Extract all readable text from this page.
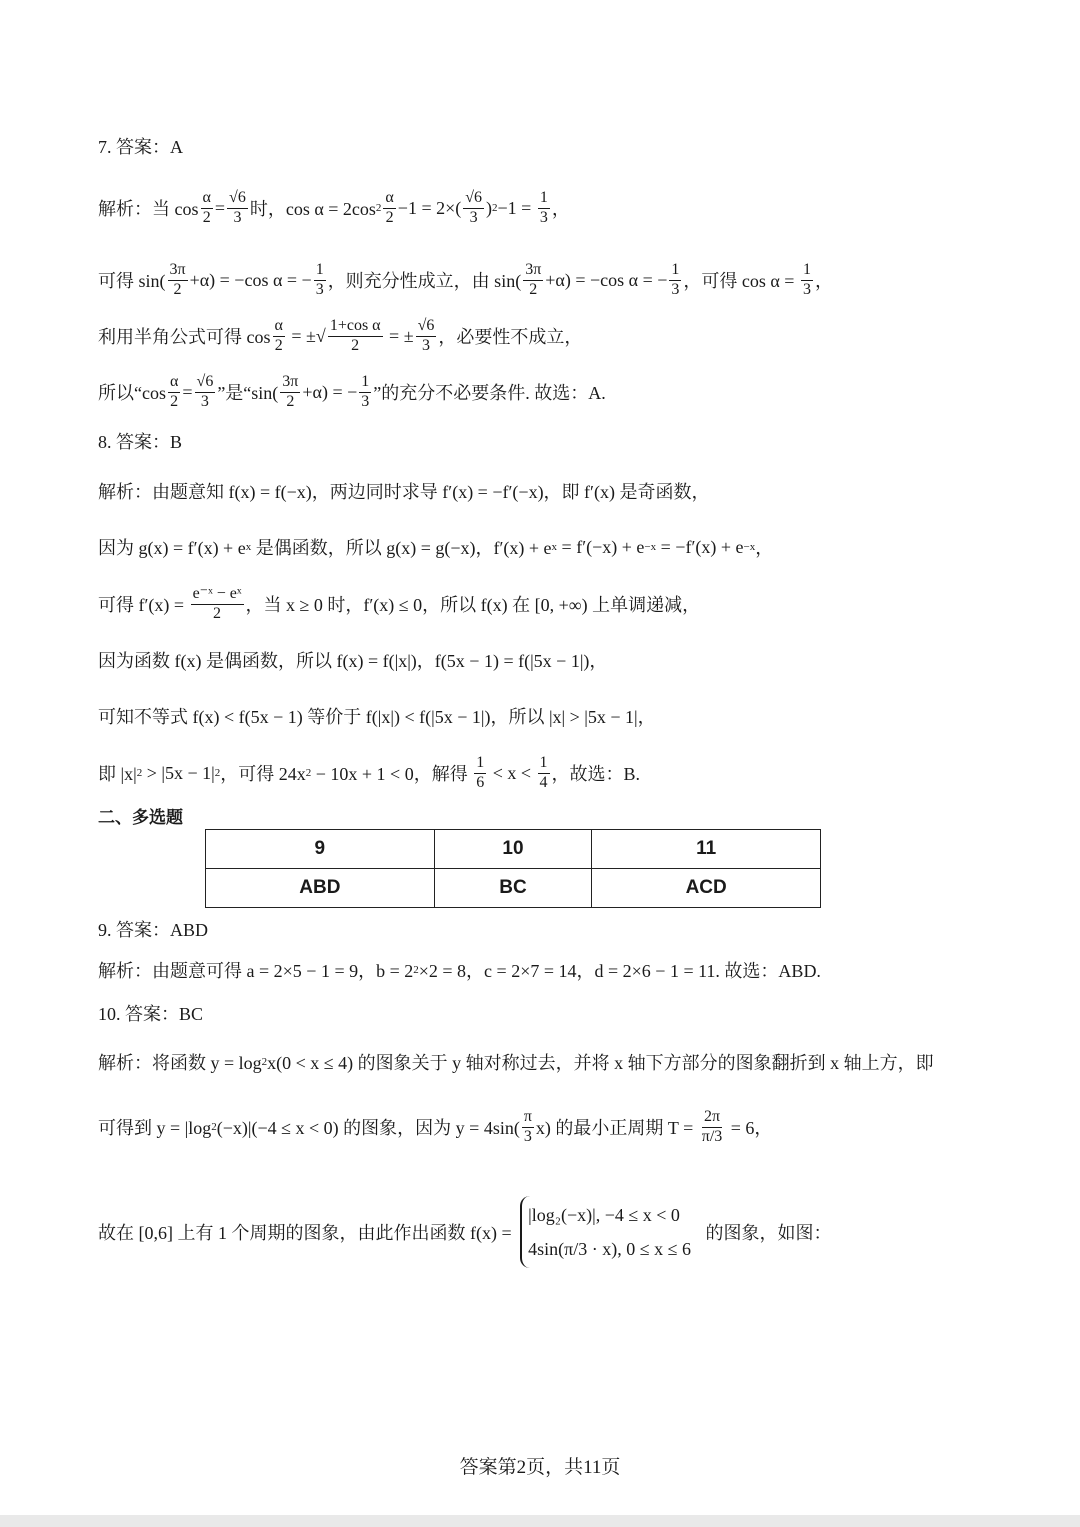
7. 答案：A
解析：当 $\cos \frac{\alpha}{2} = \frac{√6}{3}$ 时，cos α = 2cos $2 \frac{\alpha}{2} -1 = 2\times( \frac{√6}{3}$ ) $2 -1 = \frac{1}{3}$ ，
可得 $\sin( \frac{3\pi}{2} +\alpha) = -\cos$ α = − $\frac{1}{3}$ ，则充分性成立，由 $\sin( \frac{3\pi}{2} +\alpha) = -\cos$ α = − $\frac{1}{3}$ ，可得 $\cos \alpha = \frac{1}{3}$ ，
利用半角公式可得 $\cos \frac{\alpha}{2}$ = ±√ $\frac{\text{1+cos α}}{2}$ = ± $\frac{√6}{3}$ ，必要性不成立，
所以“$\cos \frac{\alpha}{2} = \frac{√6}{3}$ ”是“$\sin( \frac{3\pi}{2} +\alpha)$ = − $\frac{1}{3}$ ”的充分不必要条件. 故选：A.
8. 答案：B
解析：由题意知 f(x) = f(−x)，两边同时求导 f′(x) = −f′(−x)，即 f′(x) 是奇函数，
因为 g(x) = f′(x) + e x 是偶函数，所以 g(x) = g(−x)，f′(x) + e x = f′(−x) + e −x = −f′(x) + e −x ，
可得 $f'(x) = \frac{\text{e⁻ˣ − eˣ}}{2}$ ，当 x ≥ 0 时，f′(x) ≤ 0，所以 f(x) 在 [0, +∞) 上单调递减，
因为函数 f(x) 是偶函数，所以 f(x) = f(|x|)，f(5x − 1) = f(|5x − 1|)，
可知不等式 f(x) < f(5x − 1) 等价于 f(|x|) < f(|5x − 1|)，所以 |x| > |5x − 1|，
即 |x| 2 > |5x − 1| 2 ，可得 24x 2 − 10x + 1 < 0，解得 $\frac{1}{6} < x < \frac{1}{4}$ ，故选：B.
二、多选题
9. 答案：ABD
解析：由题意可得 a = 2×5 − 1 = 9，b = 2 2 ×2 = 8，c = 2×7 = 14，d = 2×6 − 1 = 11. 故选：ABD.
10. 答案：BC
解析：将函数 y = log 2 x(0 < x ≤ 4) 的图象关于 y 轴对称过去，并将 x 轴下方部分的图象翻折到 x 轴上方，即
可得到 y = |log 2 (−x)|(−4 ≤ x < 0) 的图象，因为 $y = 4\sin( \frac{\pi}{3} x)$ 的最小正周期 $T = \frac{2\pi}{\pi/3} = 6$，
故在 [0,6] 上有 1 个周期的图象，由此作出函数 f(x) =
|log₂(−x)|, −4 ≤ x < 0
4sin(π/3 · x), 0 ≤ x ≤ 6
的图象，如图：
9	10	11
ABD	BC	ACD
答案第2页，共11页
